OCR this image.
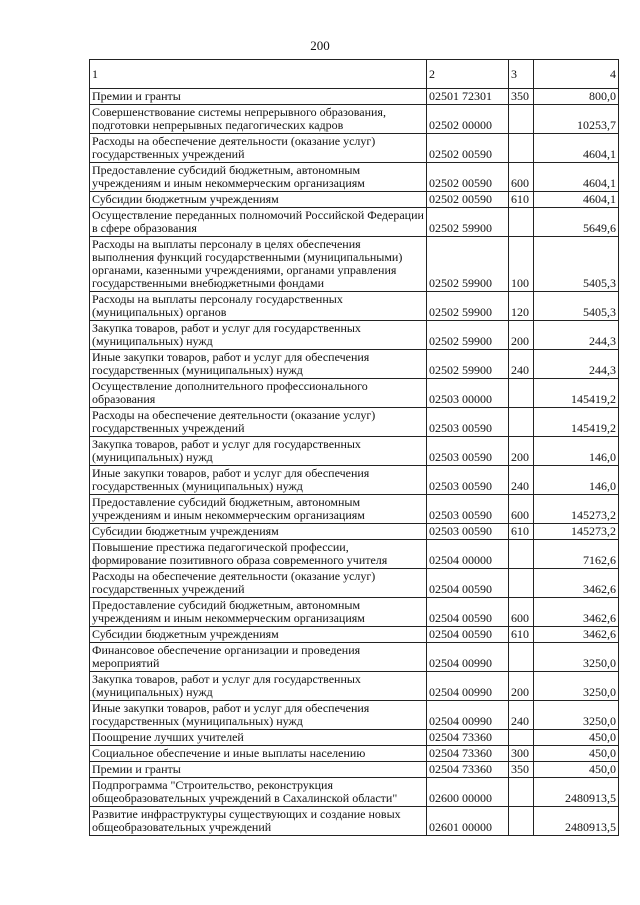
200
1	2	3	4
Премии и гранты	02501 72301	350	800,0
Совершенствование системы непрерывного образования, подготовки непрерывных педагогических кадров	02502 00000		10253,7
Расходы на обеспечение деятельности (оказание услуг) государственных учреждений	02502 00590		4604,1
Предоставление субсидий бюджетным, автономным учреждениям и иным некоммерческим организациям	02502 00590	600	4604,1
Субсидии бюджетным учреждениям	02502 00590	610	4604,1
Осуществление переданных полномочий Российской Федерации в сфере образования	02502 59900		5649,6
Расходы на выплаты персоналу в целях обеспечения выполнения функций государственными (муниципальными) органами, казенными учреждениями, органами управления государственными внебюджетными фондами	02502 59900	100	5405,3
Расходы на выплаты персоналу государственных (муниципальных) органов	02502 59900	120	5405,3
Закупка товаров, работ и услуг для государственных (муниципальных) нужд	02502 59900	200	244,3
Иные закупки товаров, работ и услуг для обеспечения государственных (муниципальных) нужд	02502 59900	240	244,3
Осуществление дополнительного профессионального образования	02503 00000		145419,2
Расходы на обеспечение деятельности (оказание услуг) государственных учреждений	02503 00590		145419,2
Закупка товаров, работ и услуг для государственных (муниципальных) нужд	02503 00590	200	146,0
Иные закупки товаров, работ и услуг для обеспечения государственных (муниципальных) нужд	02503 00590	240	146,0
Предоставление субсидий бюджетным, автономным учреждениям и иным некоммерческим организациям	02503 00590	600	145273,2
Субсидии бюджетным учреждениям	02503 00590	610	145273,2
Повышение престижа педагогической профессии, формирование позитивного образа современного учителя	02504 00000		7162,6
Расходы на обеспечение деятельности (оказание услуг) государственных учреждений	02504 00590		3462,6
Предоставление субсидий бюджетным, автономным учреждениям и иным некоммерческим организациям	02504 00590	600	3462,6
Субсидии бюджетным учреждениям	02504 00590	610	3462,6
Финансовое обеспечение организации и проведения мероприятий	02504 00990		3250,0
Закупка товаров, работ и услуг для государственных (муниципальных) нужд	02504 00990	200	3250,0
Иные закупки товаров, работ и услуг для обеспечения государственных (муниципальных) нужд	02504 00990	240	3250,0
Поощрение лучших учителей	02504 73360		450,0
Социальное обеспечение и иные выплаты населению	02504 73360	300	450,0
Премии и гранты	02504 73360	350	450,0
Подпрограмма "Строительство, реконструкция общеобразовательных учреждений в Сахалинской области"	02600 00000		2480913,5
Развитие инфраструктуры существующих и создание новых общеобразовательных учреждений	02601 00000		2480913,5
